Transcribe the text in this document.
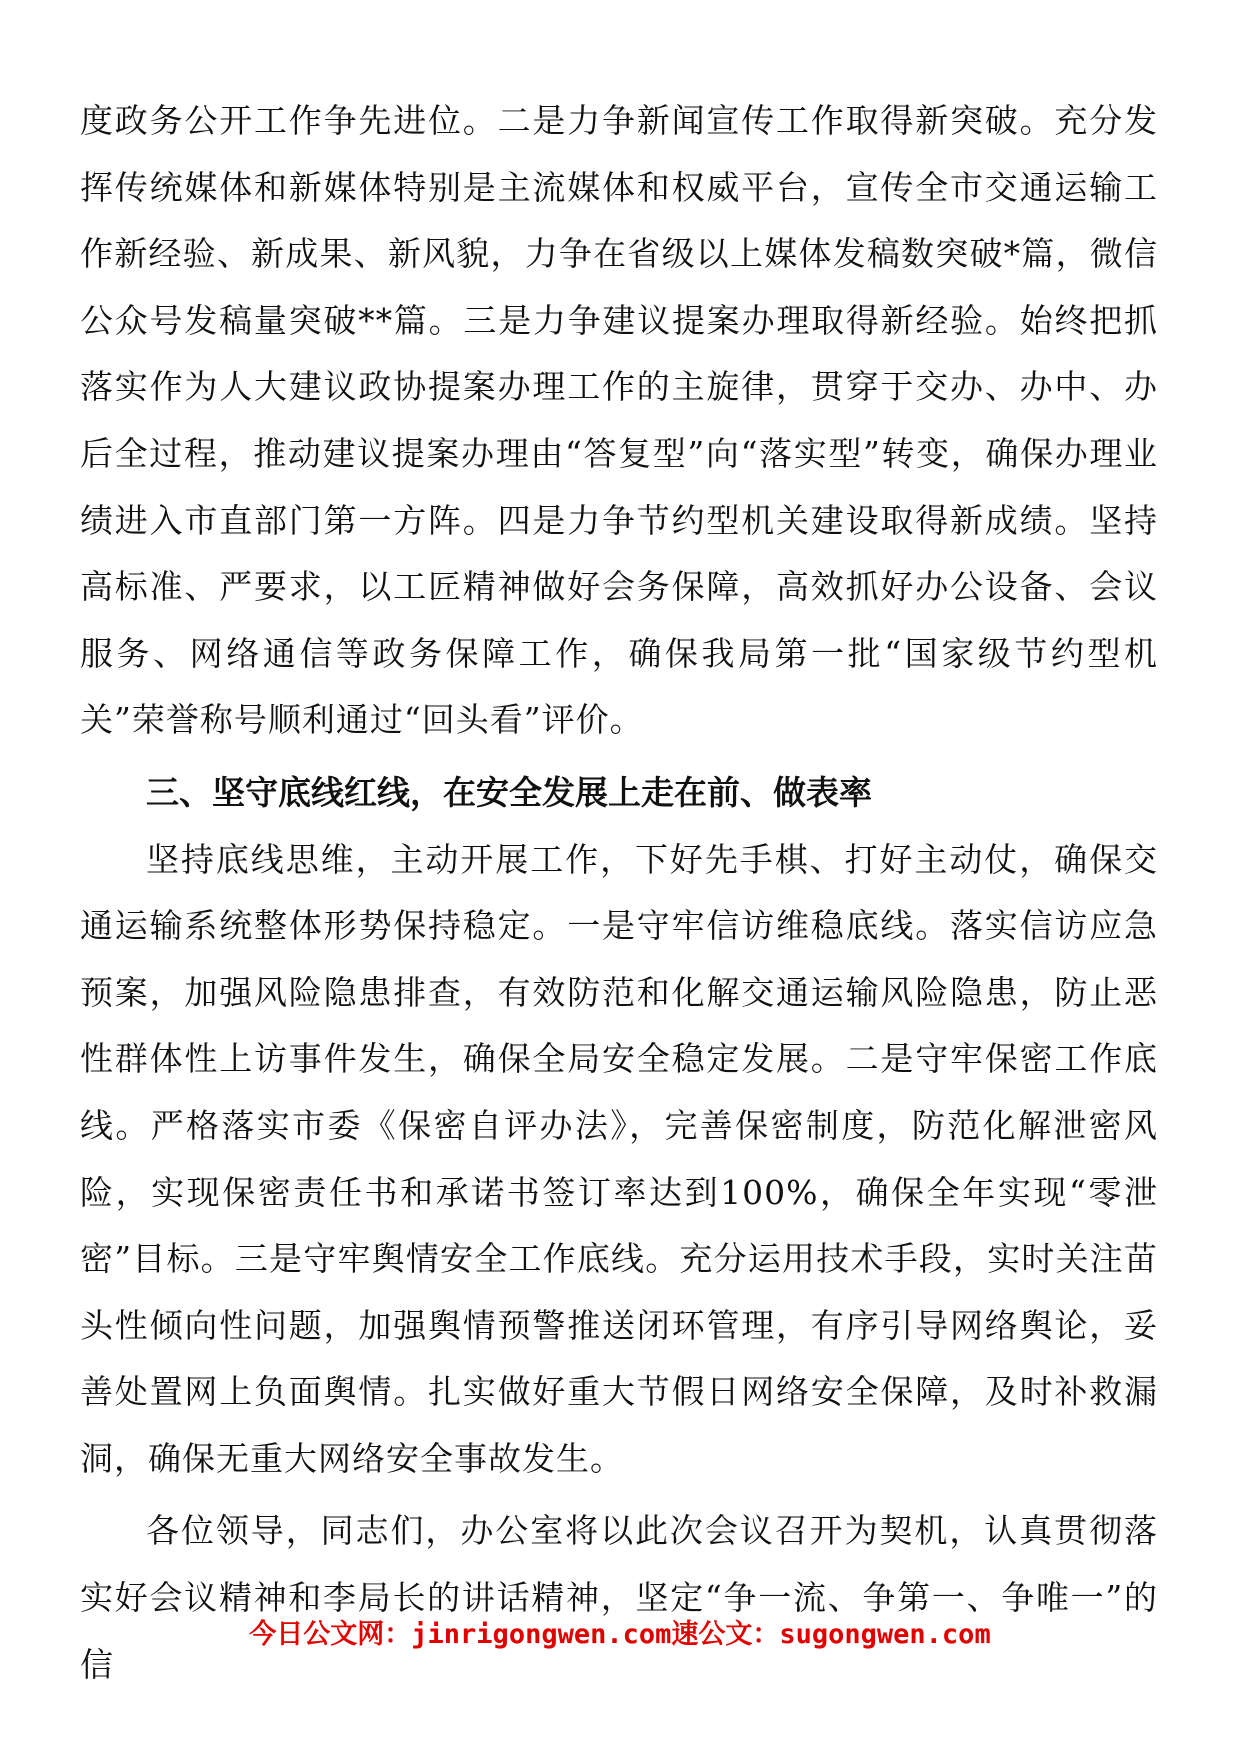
度政务公开工作争先进位。二是力争新闻宣传工作取得新突破。充分发挥传统媒体和新媒体特别是主流媒体和权威平台，宣传全市交通运输工作新经验、新成果、新风貌，力争在省级以上媒体发稿数突破*篇，微信公众号发稿量突破**篇。三是力争建议提案办理取得新经验。始终把抓落实作为人大建议政协提案办理工作的主旋律，贯穿于交办、办中、办后全过程，推动建议提案办理由“答复型”向“落实型”转变，确保办理业绩进入市直部门第一方阵。四是力争节约型机关建设取得新成绩。坚持高标准、严要求，以工匠精神做好会务保障，高效抓好办公设备、会议服务、网络通信等政务保障工作，确保我局第一批“国家级节约型机关”荣誉称号顺利通过“回头看”评价。

三、坚守底线红线，在安全发展上走在前、做表率

坚持底线思维，主动开展工作，下好先手棋、打好主动仗，确保交通运输系统整体形势保持稳定。一是守牢信访维稳底线。落实信访应急预案，加强风险隐患排查，有效防范和化解交通运输风险隐患，防止恶性群体性上访事件发生，确保全局安全稳定发展。二是守牢保密工作底线。严格落实市委《保密自评办法》，完善保密制度，防范化解泄密风险，实现保密责任书和承诺书签订率达到100%，确保全年实现“零泄密”目标。三是守牢舆情安全工作底线。充分运用技术手段，实时关注苗头性倾向性问题，加强舆情预警推送闭环管理，有序引导网络舆论，妥善处置网上负面舆情。扎实做好重大节假日网络安全保障，及时补救漏洞，确保无重大网络安全事故发生。

各位领导，同志们，办公室将以此次会议召开为契机，认真贯彻落实好会议精神和李局长的讲话精神，坚定“争一流、争第一、争唯一”的信

今日公文网：jinrigongwen.com速公文：sugongwen.com
